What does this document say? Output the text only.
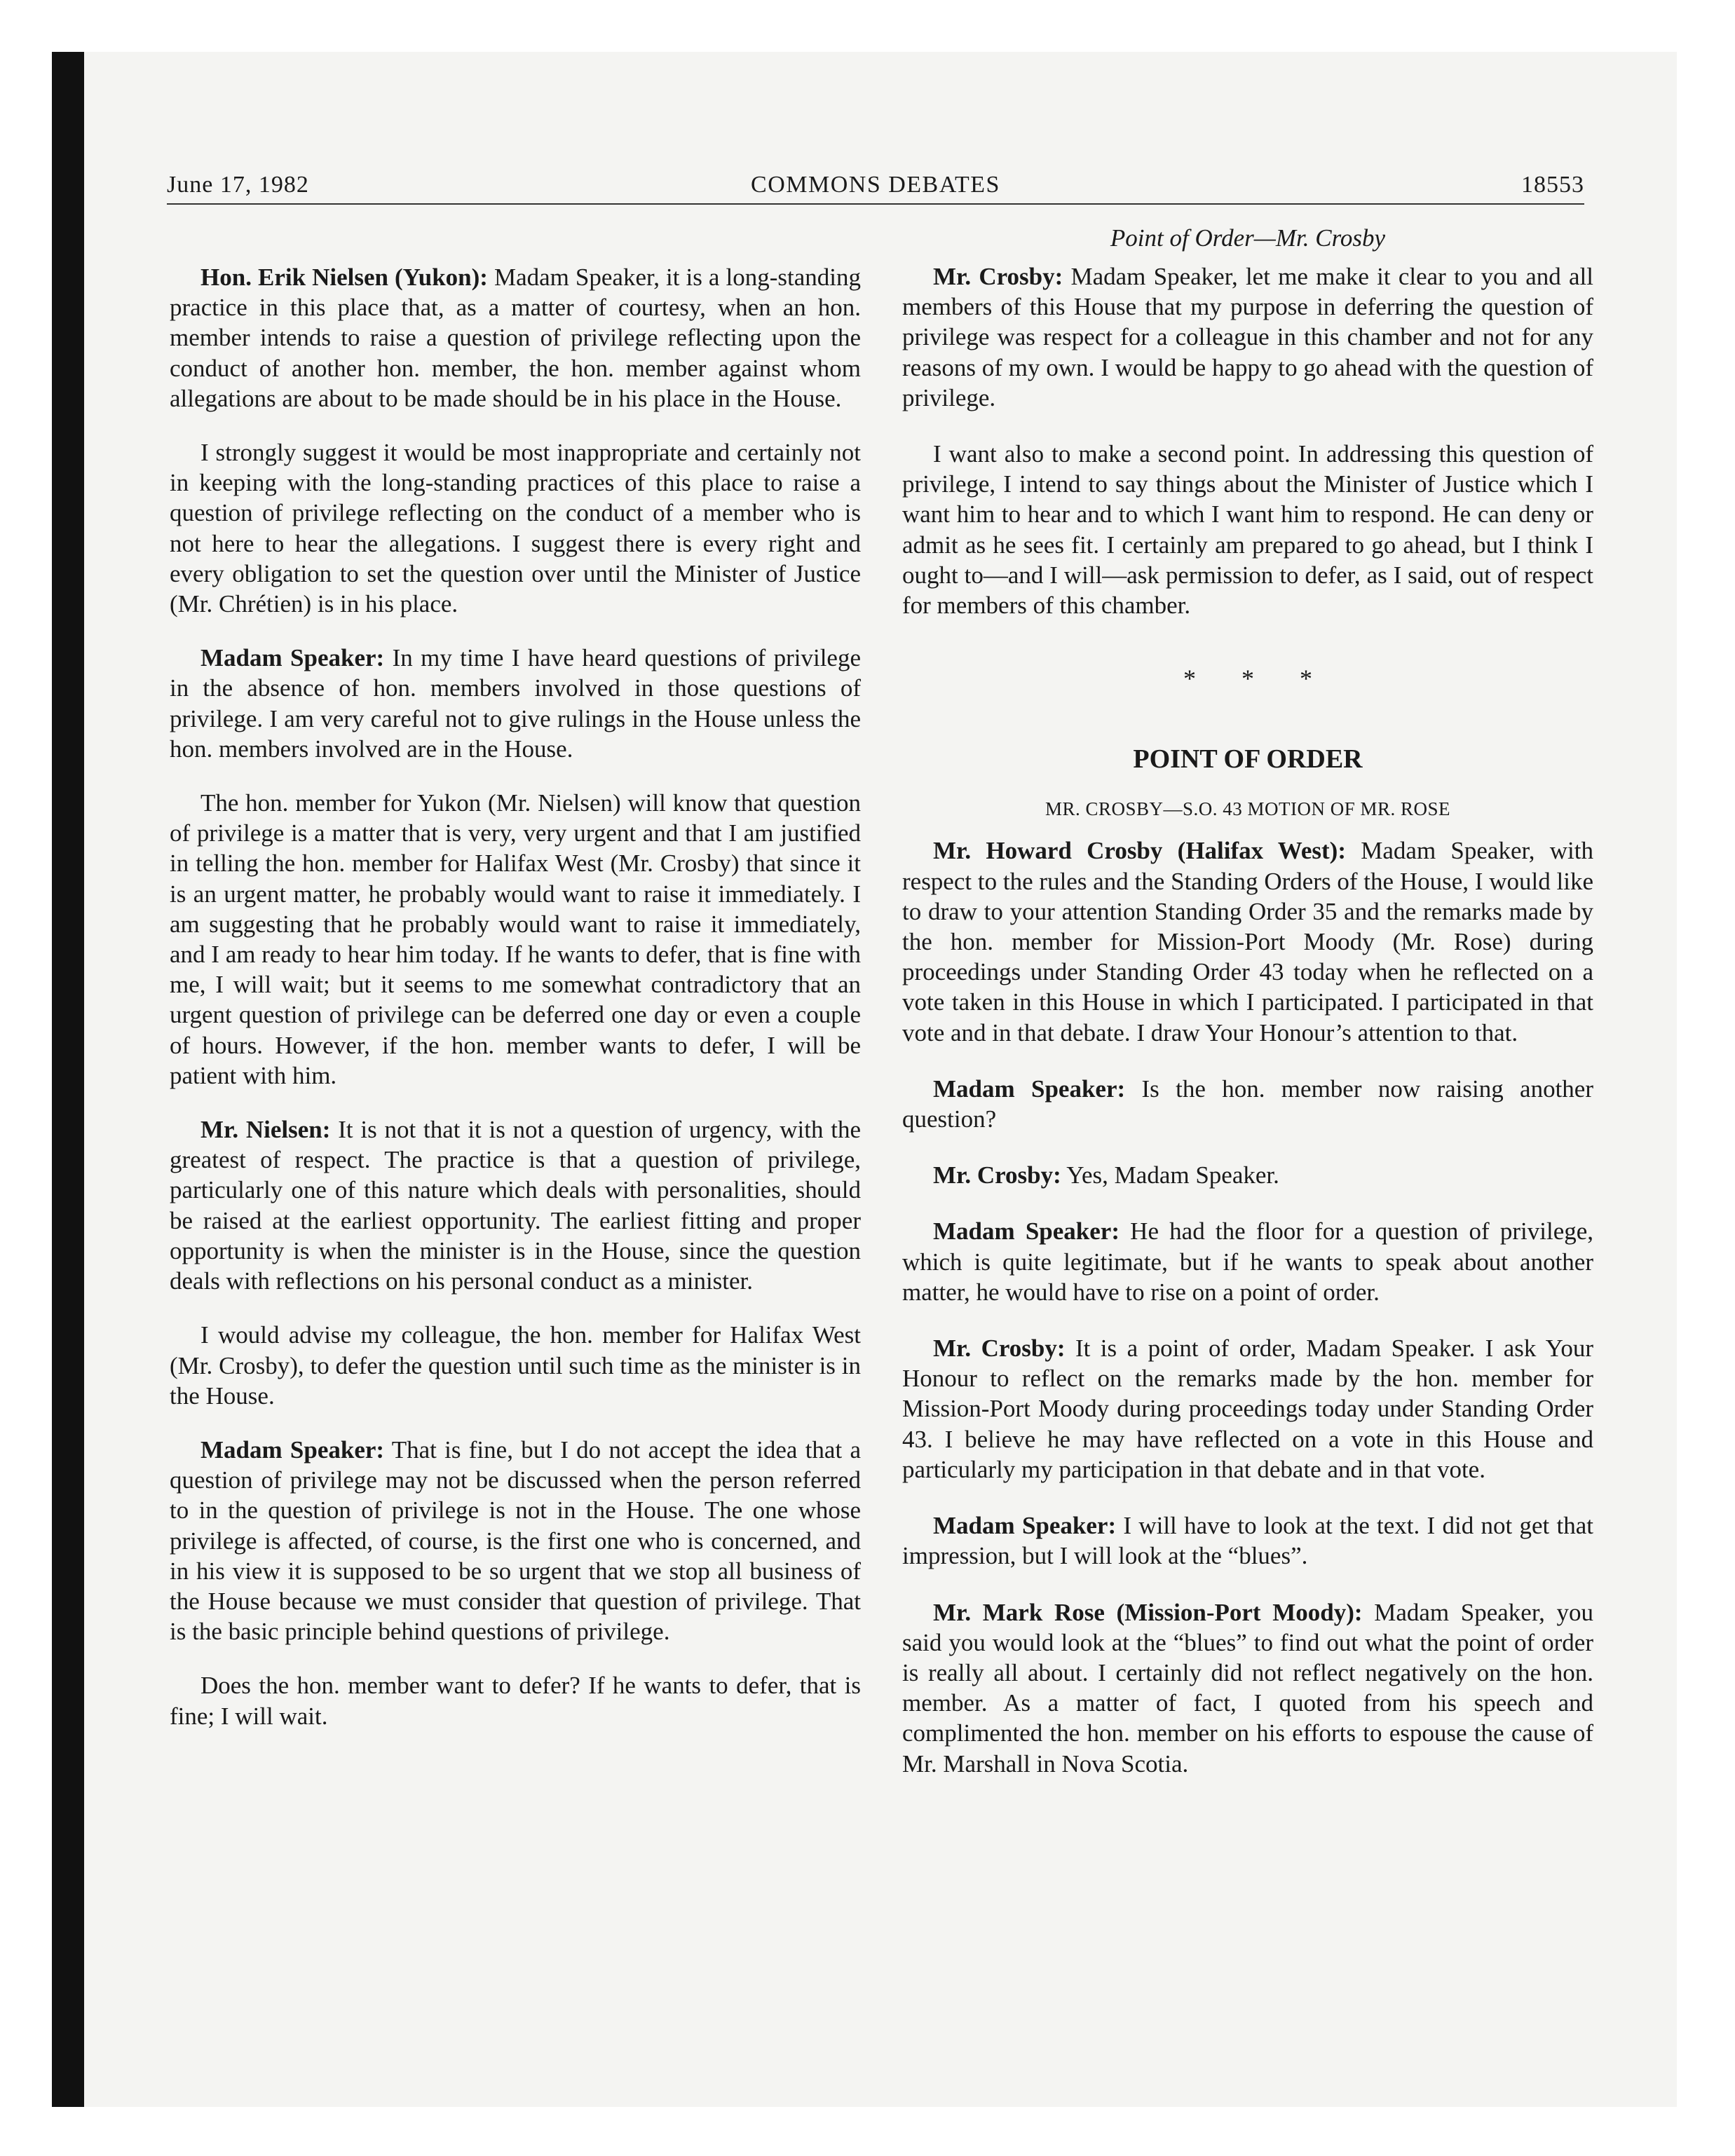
June 17, 1982	COMMONS DEBATES	18553

Hon. Erik Nielsen (Yukon): Madam Speaker, it is a long-standing practice in this place that, as a matter of courtesy, when an hon. member intends to raise a question of privilege reflecting upon the conduct of another hon. member, the hon. member against whom allegations are about to be made should be in his place in the House.

I strongly suggest it would be most inappropriate and certainly not in keeping with the long-standing practices of this place to raise a question of privilege reflecting on the conduct of a member who is not here to hear the allegations. I suggest there is every right and every obligation to set the question over until the Minister of Justice (Mr. Chrétien) is in his place.

Madam Speaker: In my time I have heard questions of privilege in the absence of hon. members involved in those questions of privilege. I am very careful not to give rulings in the House unless the hon. members involved are in the House.

The hon. member for Yukon (Mr. Nielsen) will know that question of privilege is a matter that is very, very urgent and that I am justified in telling the hon. member for Halifax West (Mr. Crosby) that since it is an urgent matter, he probably would want to raise it immediately. I am suggesting that he probably would want to raise it immediately, and I am ready to hear him today. If he wants to defer, that is fine with me, I will wait; but it seems to me somewhat contradictory that an urgent question of privilege can be deferred one day or even a couple of hours. However, if the hon. member wants to defer, I will be patient with him.

Mr. Nielsen: It is not that it is not a question of urgency, with the greatest of respect. The practice is that a question of privilege, particularly one of this nature which deals with personalities, should be raised at the earliest opportunity. The earliest fitting and proper opportunity is when the minister is in the House, since the question deals with reflections on his personal conduct as a minister.

I would advise my colleague, the hon. member for Halifax West (Mr. Crosby), to defer the question until such time as the minister is in the House.

Madam Speaker: That is fine, but I do not accept the idea that a question of privilege may not be discussed when the person referred to in the question of privilege is not in the House. The one whose privilege is affected, of course, is the first one who is concerned, and in his view it is supposed to be so urgent that we stop all business of the House because we must consider that question of privilege. That is the basic principle behind questions of privilege.

Does the hon. member want to defer? If he wants to defer, that is fine; I will wait.

Point of Order—Mr. Crosby

Mr. Crosby: Madam Speaker, let me make it clear to you and all members of this House that my purpose in deferring the question of privilege was respect for a colleague in this chamber and not for any reasons of my own. I would be happy to go ahead with the question of privilege.

I want also to make a second point. In addressing this question of privilege, I intend to say things about the Minister of Justice which I want him to hear and to which I want him to respond. He can deny or admit as he sees fit. I certainly am prepared to go ahead, but I think I ought to—and I will—ask permission to defer, as I said, out of respect for members of this chamber.

* * *
POINT OF ORDER
MR. CROSBY—S.O. 43 MOTION OF MR. ROSE

Mr. Howard Crosby (Halifax West): Madam Speaker, with respect to the rules and the Standing Orders of the House, I would like to draw to your attention Standing Order 35 and the remarks made by the hon. member for Mission-Port Moody (Mr. Rose) during proceedings under Standing Order 43 today when he reflected on a vote taken in this House in which I participated. I participated in that vote and in that debate. I draw Your Honour’s attention to that.

Madam Speaker: Is the hon. member now raising another question?

Mr. Crosby: Yes, Madam Speaker.

Madam Speaker: He had the floor for a question of privilege, which is quite legitimate, but if he wants to speak about another matter, he would have to rise on a point of order.

Mr. Crosby: It is a point of order, Madam Speaker. I ask Your Honour to reflect on the remarks made by the hon. member for Mission-Port Moody during proceedings today under Standing Order 43. I believe he may have reflected on a vote in this House and particularly my participation in that debate and in that vote.

Madam Speaker: I will have to look at the text. I did not get that impression, but I will look at the “blues”.

Mr. Mark Rose (Mission-Port Moody): Madam Speaker, you said you would look at the “blues” to find out what the point of order is really all about. I certainly did not reflect negatively on the hon. member. As a matter of fact, I quoted from his speech and complimented the hon. member on his efforts to espouse the cause of Mr. Marshall in Nova Scotia.
